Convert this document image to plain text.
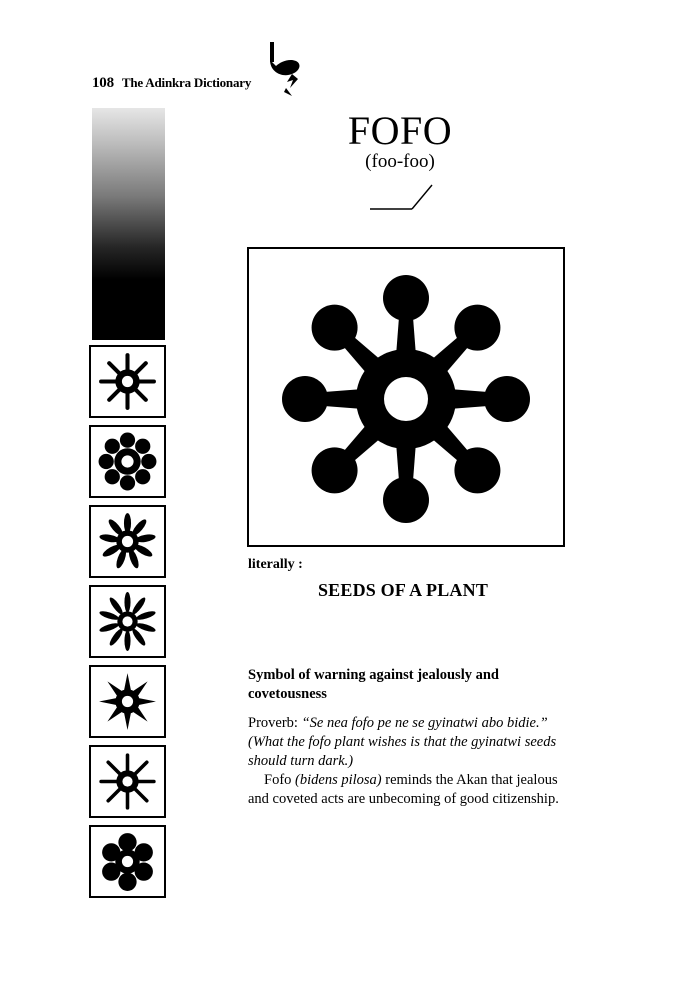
108 The Adinkra Dictionary
FOFO
(foo-foo)
literally :
SEEDS OF A PLANT
Symbol of warning against jealously and covetousness
Proverb: “Se nea fofo pe ne se gyinatwi abo bidie.” (What the fofo plant wishes is that the gyinatwi seeds should turn dark.)
Fofo (bidens pilosa) reminds the Akan that jealous and coveted acts are unbecoming of good citizenship.
